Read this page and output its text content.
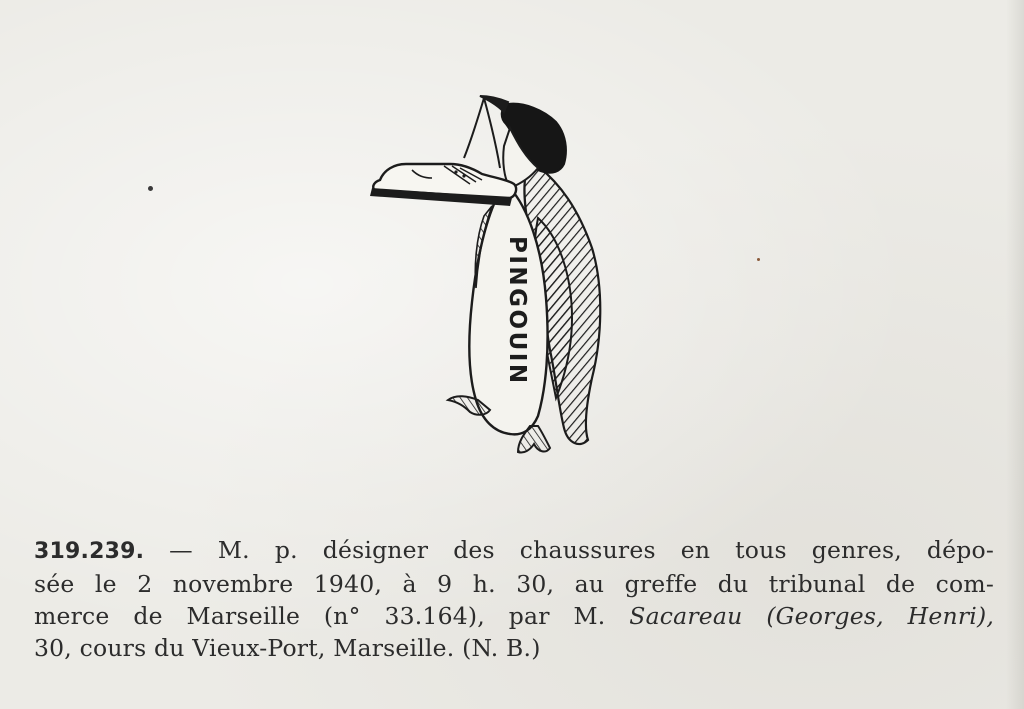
PINGOUIN
319.239. — M. p. désigner des chaussures en tous genres, dépo-
sée le 2 novembre 1940, à 9 h. 30, au greffe du tribunal de com-
merce de Marseille (n° 33.164), par M. Sacareau (Georges, Henri),
30, cours du Vieux-Port, Marseille. (N. B.)
